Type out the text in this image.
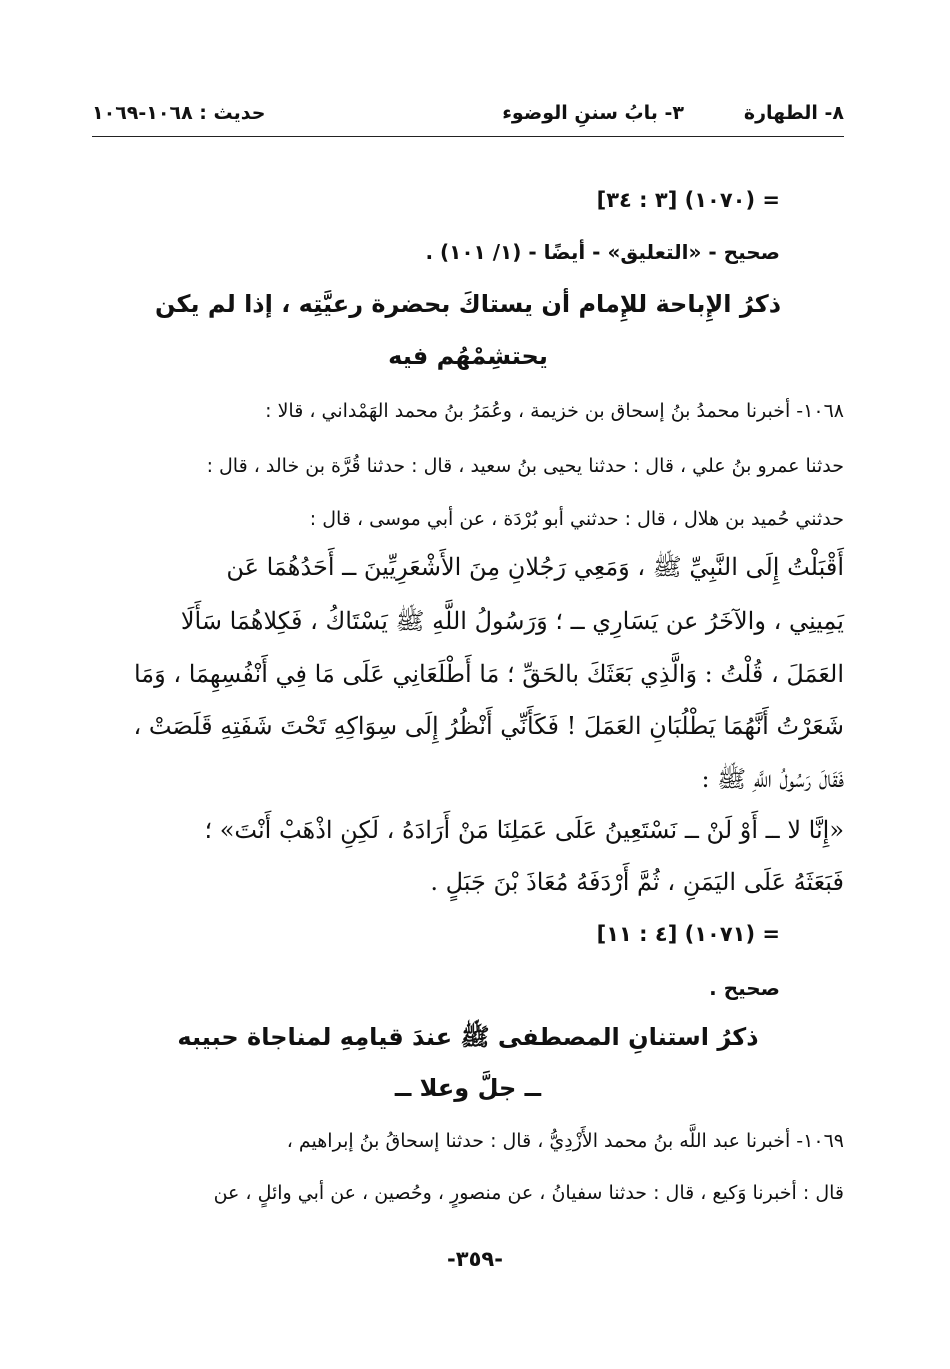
٨- الطهارة
٣- بابُ سننِ الوضوء
حديث : ١٠٦٨-١٠٦٩
= (١٠٧٠) [٣ : ٣٤]
صحيح - «التعليق» - أيضًا - (١/ ١٠١) .
ذكرُ الإِباحة للإِمام أن يستاكَ بحضرة رعيَّتِه ، إذا لم يكن
يحتشِمْهُم فيه
١٠٦٨- أخبرنا محمدُ بنُ إسحاق بن خزيمة ، وعُمَرُ بنُ محمد الهَمْداني ، قالا :
حدثنا عمرو بنُ علي ، قال : حدثنا يحيى بنُ سعيد ، قال : حدثنا قُرَّة بن خالد ، قال :
حدثني حُميد بن هلال ، قال : حدثني أبو بُرْدَة ، عن أبي موسى ، قال :
أَقْبَلْتُ إِلَى النَّبِيِّ ﷺ ، وَمَعِي رَجُلانِ مِنَ الأَشْعَرِيِّينَ ــ أَحَدُهُمَا عَن
يَمِينِي ، والآخَرُ عن يَسَارِي ــ ؛ وَرَسُولُ اللَّهِ ﷺ يَسْتَاكُ ، فَكِلاهُمَا سَأَلَا
العَمَلَ ، قُلْتُ : وَالَّذِي بَعَثَكَ بالحَقِّ ؛ مَا أَطْلَعَانِي عَلَى مَا فِي أَنْفُسِهِمَا ، وَمَا
شَعَرْتُ أَنَّهُمَا يَطْلُبَانِ العَمَلَ ! فَكَأَنِّي أَنْظُرُ إِلَى سِوَاكِهِ تَحْتَ شَفَتِهِ قَلَصَتْ ،
فَقَالَ رَسُولُ اللَّهِ ﷺ :
«إِنَّا لا ــ أَوْ لَنْ ــ نَسْتَعِينُ عَلَى عَمَلِنَا مَنْ أَرَادَهُ ، لَكِنِ اذْهَبْ أَنْتَ» ؛
فَبَعَثَهُ عَلَى اليَمَنِ ، ثُمَّ أَرْدَفَهُ مُعَاذَ بْنَ جَبَلٍ .
= (١٠٧١) [٤ : ١١]
صحيح .
ذكرُ استنانِ المصطفى ﷺ عندَ قيامِهِ لمناجاة حبيبه
ــ جلَّ وعلا ــ
١٠٦٩- أخبرنا عبد اللَّه بنُ محمد الأَزْدِيُّ ، قال : حدثنا إسحاقُ بنُ إبراهيم ،
قال : أخبرنا وَكيع ، قال : حدثنا سفيانُ ، عن منصورٍ ، وحُصين ، عن أبي وائلٍ ، عن
-٣٥٩-
